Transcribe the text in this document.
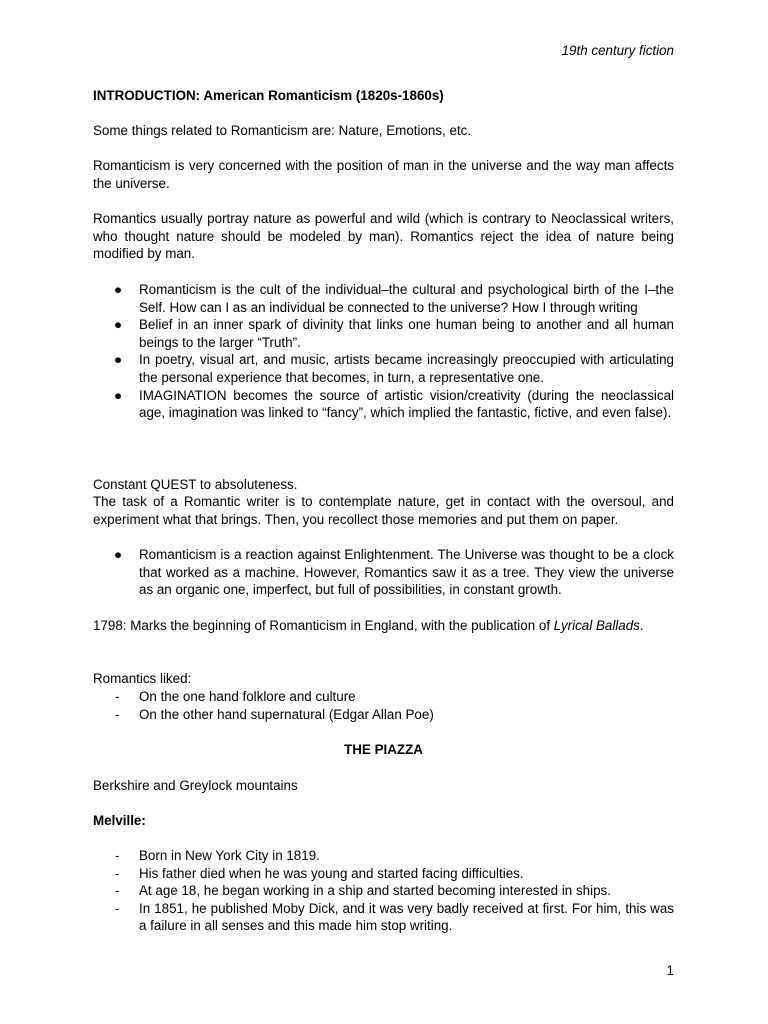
19th century fiction
INTRODUCTION: American Romanticism (1820s-1860s)
Some things related to Romanticism are: Nature, Emotions, etc.
Romanticism is very concerned with the position of man in the universe and the way man affects the universe.
Romantics usually portray nature as powerful and wild (which is contrary to Neoclassical writers, who thought nature should be modeled by man). Romantics reject the idea of nature being modified by man.
● Romanticism is the cult of the individual–the cultural and psychological birth of the I–the Self. How can I as an individual be connected to the universe? How I through writing
● Belief in an inner spark of divinity that links one human being to another and all human beings to the larger “Truth”.
● In poetry, visual art, and music, artists became increasingly preoccupied with articulating the personal experience that becomes, in turn, a representative one.
● IMAGINATION becomes the source of artistic vision/creativity (during the neoclassical age, imagination was linked to “fancy”, which implied the fantastic, fictive, and even false).
Constant QUEST to absoluteness.
The task of a Romantic writer is to contemplate nature, get in contact with the oversoul, and experiment what that brings. Then, you recollect those memories and put them on paper.
● Romanticism is a reaction against Enlightenment. The Universe was thought to be a clock that worked as a machine. However, Romantics saw it as a tree. They view the universe as an organic one, imperfect, but full of possibilities, in constant growth.
1798: Marks the beginning of Romanticism in England, with the publication of Lyrical Ballads.
Romantics liked:
- On the one hand folklore and culture
- On the other hand supernatural (Edgar Allan Poe)
THE PIAZZA
Berkshire and Greylock mountains
Melville:
- Born in New York City in 1819.
- His father died when he was young and started facing difficulties.
- At age 18, he began working in a ship and started becoming interested in ships.
- In 1851, he published Moby Dick, and it was very badly received at first. For him, this was a failure in all senses and this made him stop writing.
1
